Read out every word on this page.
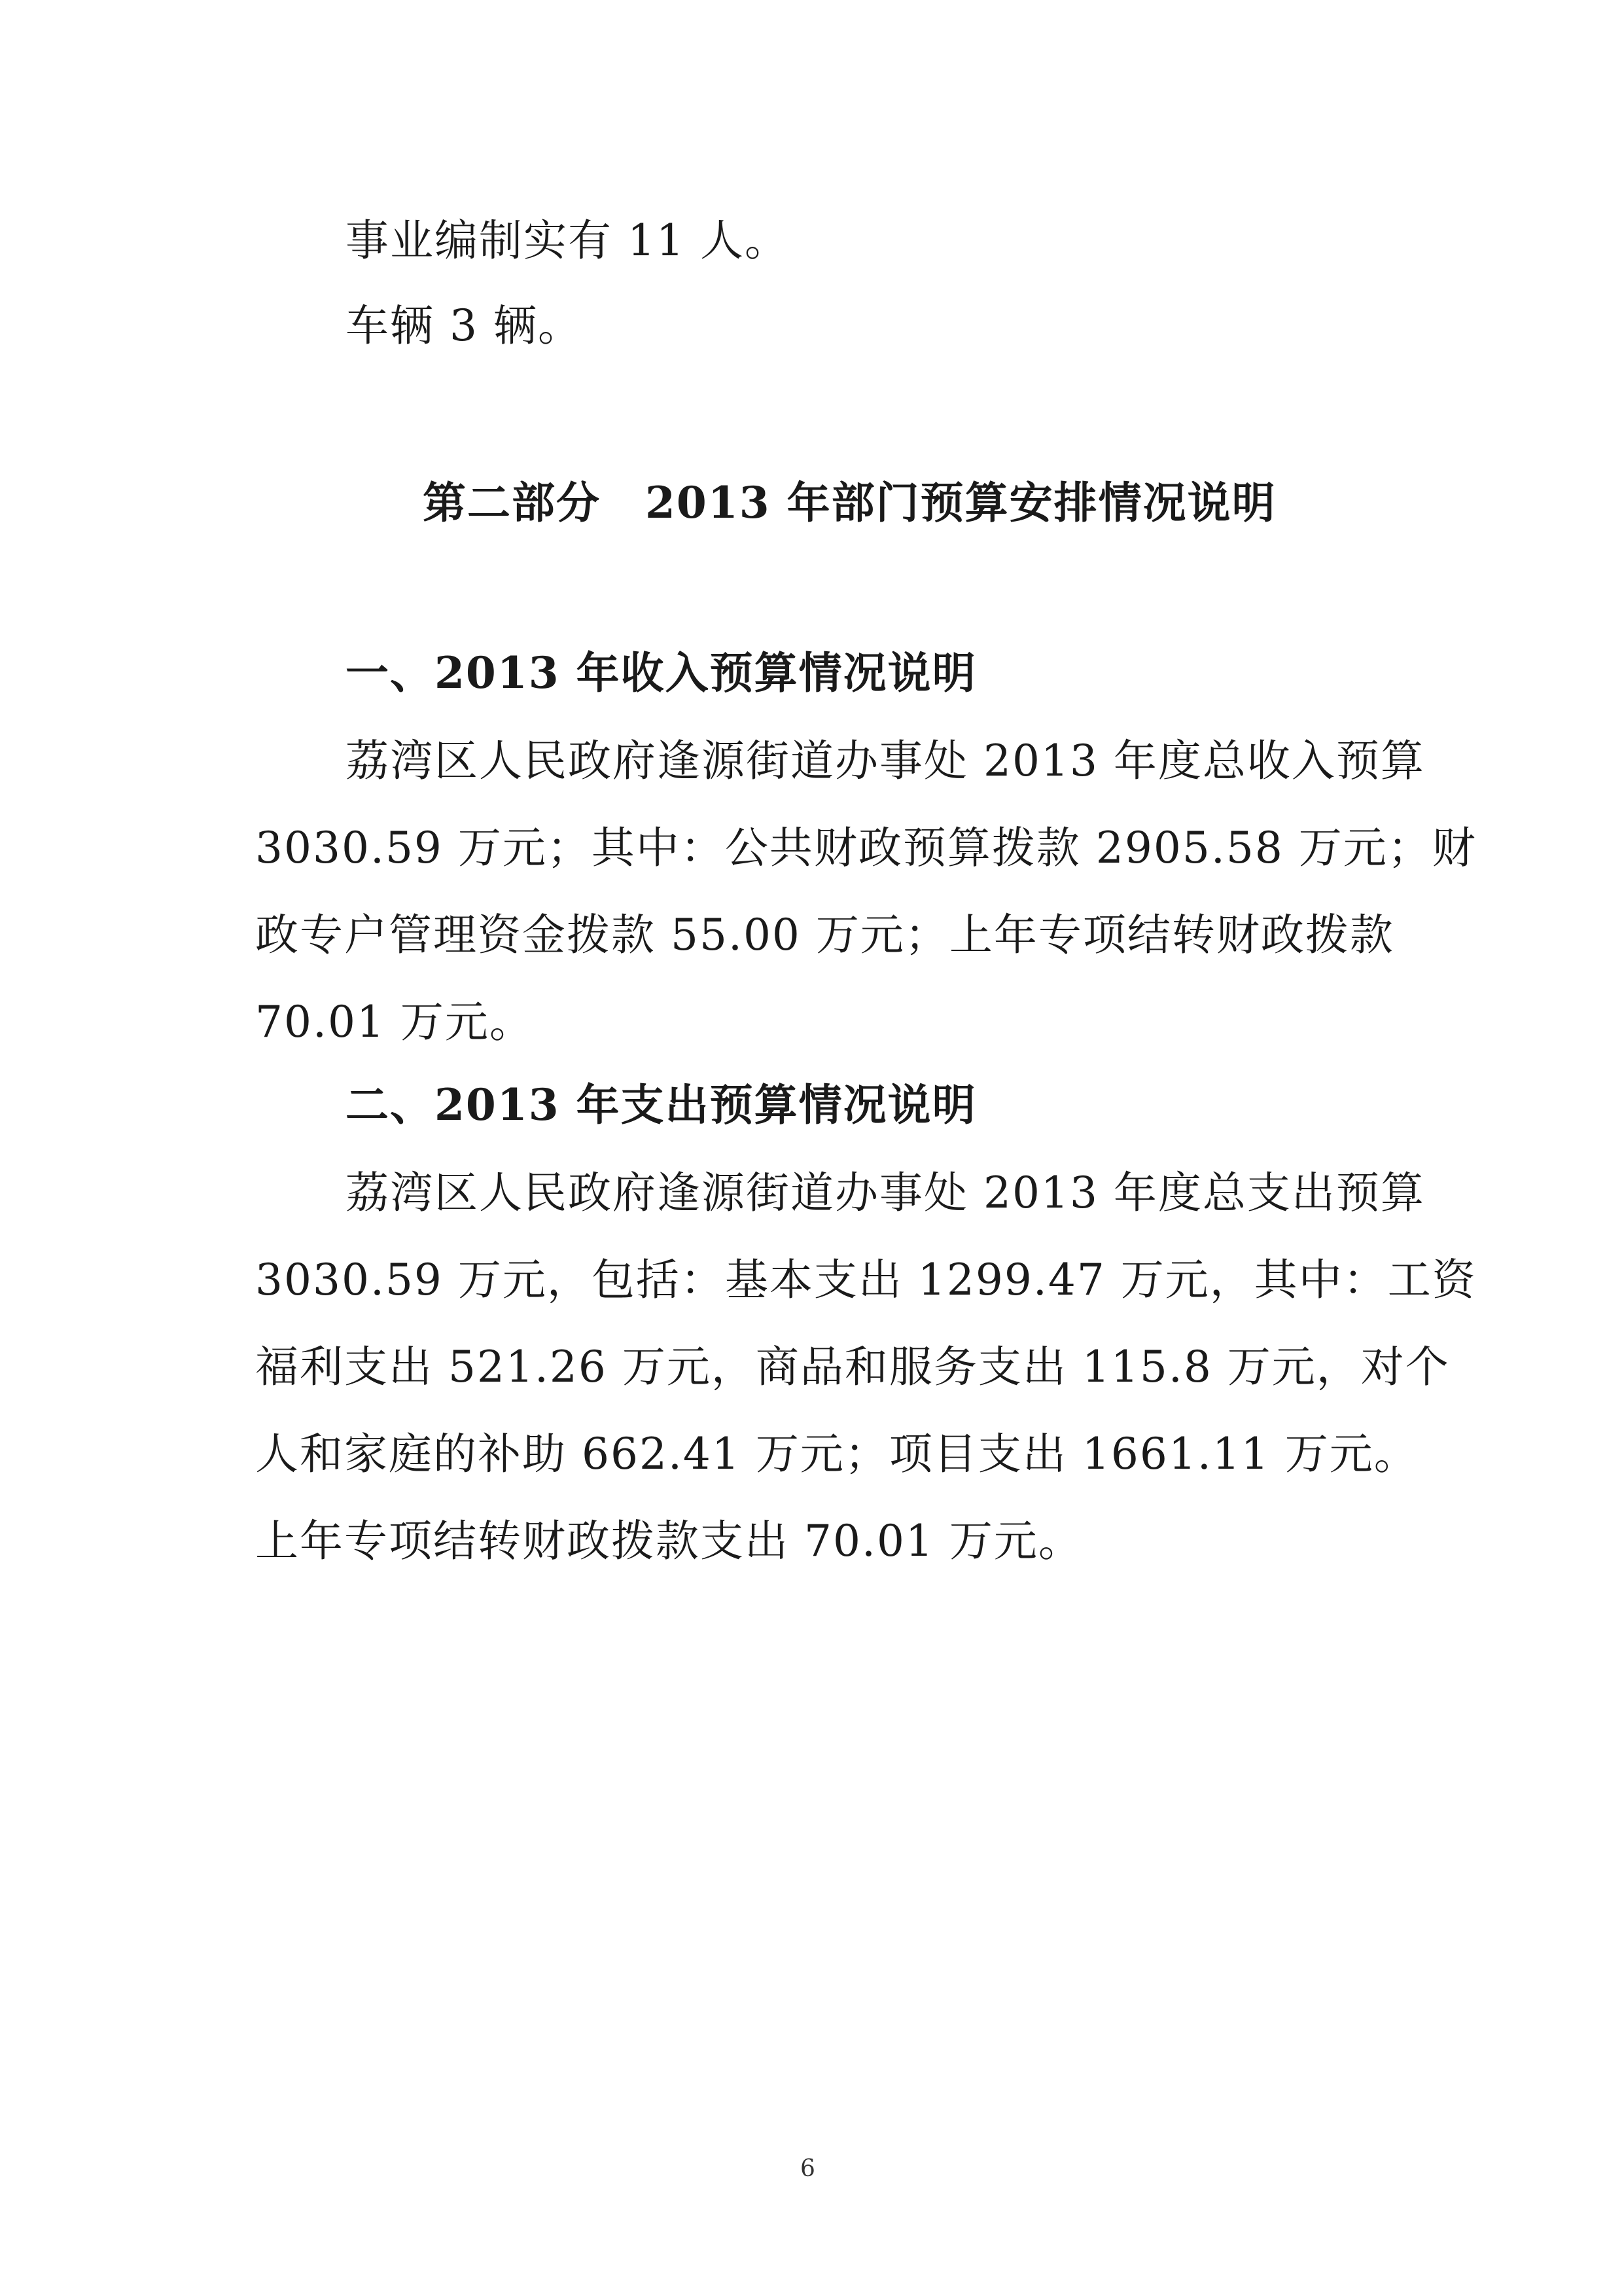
事业编制实有 11 人。
车辆 3 辆。
第二部分　2013 年部门预算安排情况说明
一、2013 年收入预算情况说明
荔湾区人民政府逢源街道办事处 2013 年度总收入预算
3030.59 万元；其中：公共财政预算拨款 2905.58 万元；财
政专户管理资金拨款 55.00 万元；上年专项结转财政拨款
70.01 万元。
二、2013 年支出预算情况说明
荔湾区人民政府逢源街道办事处 2013 年度总支出预算
3030.59 万元，包括：基本支出 1299.47 万元，其中：工资
福利支出 521.26 万元，商品和服务支出 115.8 万元，对个
人和家庭的补助 662.41 万元；项目支出 1661.11 万元。
上年专项结转财政拨款支出 70.01 万元。
6
